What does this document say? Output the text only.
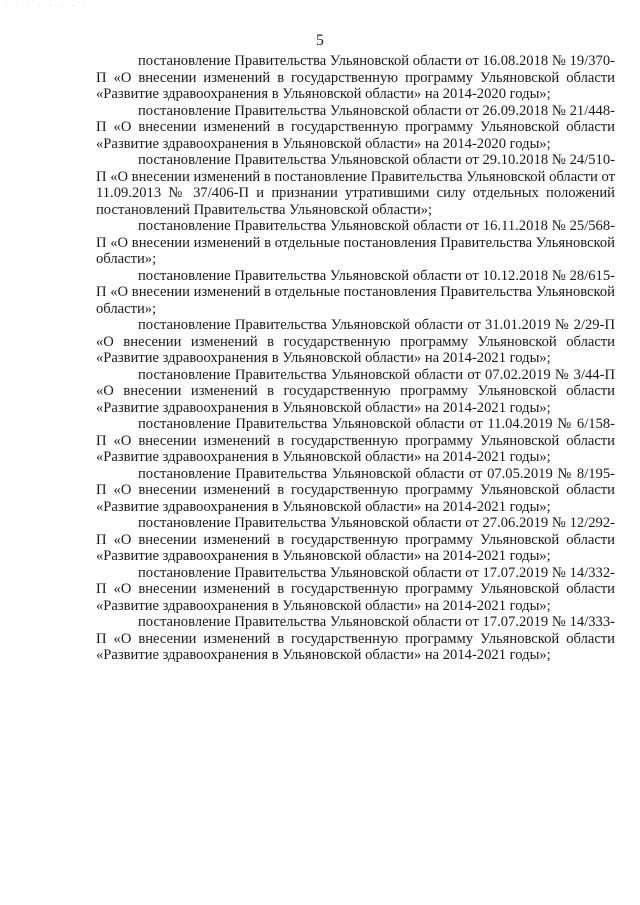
· · · · · · - ·
5

постановление Правительства Ульяновской области от 16.08.2018 № 19/370-П «О внесении изменений в государственную программу Ульяновской области «Развитие здравоохранения в Ульяновской области» на 2014-2020 годы»;

постановление Правительства Ульяновской области от 26.09.2018 № 21/448-П «О внесении изменений в государственную программу Ульяновской области «Развитие здравоохранения в Ульяновской области» на 2014-2020 годы»;

постановление Правительства Ульяновской области от 29.10.2018 № 24/510-П «О внесении изменений в постановление Правительства Ульяновской области от 11.09.2013 № 37/406-П и признании утратившими силу отдельных положений постановлений Правительства Ульяновской области»;

постановление Правительства Ульяновской области от 16.11.2018 № 25/568-П «О внесении изменений в отдельные постановления Правительства Ульяновской области»;

постановление Правительства Ульяновской области от 10.12.2018 № 28/615-П «О внесении изменений в отдельные постановления Правительства Ульяновской области»;

постановление Правительства Ульяновской области от 31.01.2019 № 2/29-П «О внесении изменений в государственную программу Ульяновской области «Развитие здравоохранения в Ульяновской области» на 2014-2021 годы»;

постановление Правительства Ульяновской области от 07.02.2019 № 3/44-П «О внесении изменений в государственную программу Ульяновской области «Развитие здравоохранения в Ульяновской области» на 2014-2021 годы»;

постановление Правительства Ульяновской области от 11.04.2019 № 6/158-П «О внесении изменений в государственную программу Ульяновской области «Развитие здравоохранения в Ульяновской области» на 2014-2021 годы»;

постановление Правительства Ульяновской области от 07.05.2019 № 8/195-П «О внесении изменений в государственную программу Ульяновской области «Развитие здравоохранения в Ульяновской области» на 2014-2021 годы»;

постановление Правительства Ульяновской области от 27.06.2019 № 12/292-П «О внесении изменений в государственную программу Ульяновской области «Развитие здравоохранения в Ульяновской области» на 2014-2021 годы»;

постановление Правительства Ульяновской области от 17.07.2019 № 14/332-П «О внесении изменений в государственную программу Ульяновской области «Развитие здравоохранения в Ульяновской области» на 2014-2021 годы»;

постановление Правительства Ульяновской области от 17.07.2019 № 14/333-П «О внесении изменений в государственную программу Ульяновской области «Развитие здравоохранения в Ульяновской области» на 2014-2021 годы»;
